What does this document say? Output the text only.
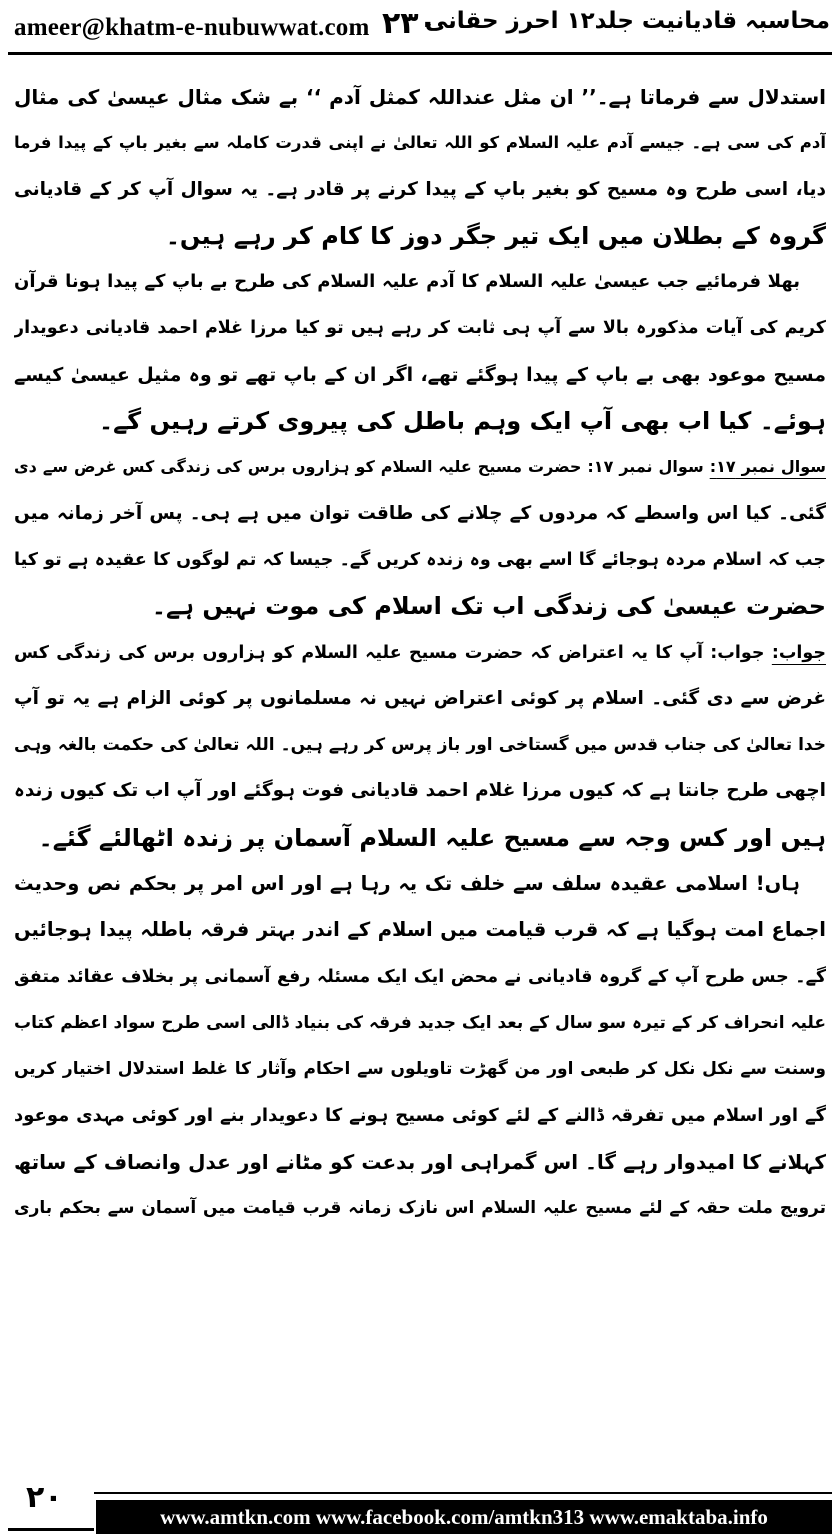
ameer@khatm-e-nubuwwat.com ۲۳۰
محاسبہ قادیانیت جلد۱۲ احرز حقانی
استدلال سے فرماتا ہے۔’’ ان مثل عنداللہ کمثل آدم ‘‘ بے شک مثال عیسیٰ کی مثال
آدم کی سی ہے۔ جیسے آدم علیہ السلام کو اللہ تعالیٰ نے اپنی قدرت کاملہ سے بغیر باپ کے پیدا فرما
دیا، اسی طرح وہ مسیح کو بغیر باپ کے پیدا کرنے پر قادر ہے۔ یہ سوال آپ کر کے قادیانی
گروہ کے بطلان میں ایک تیر جگر دوز کا کام کر رہے ہیں۔
بھلا فرمائیے جب عیسیٰ علیہ السلام کا آدم علیہ السلام کی طرح بے باپ کے پیدا ہونا قرآن
کریم کی آیات مذکورہ بالا سے آپ ہی ثابت کر رہے ہیں تو کیا مرزا غلام احمد قادیانی دعویدار
مسیح موعود بھی بے باپ کے پیدا ہوگئے تھے، اگر ان کے باپ تھے تو وہ مثیل عیسیٰ کیسے
ہوئے۔ کیا اب بھی آپ ایک وہم باطل کی پیروی کرتے رہیں گے۔
سوال نمبر ۱۷: سوال نمبر ۱۷: حضرت مسیح علیہ السلام کو ہزاروں برس کی زندگی کس غرض سے دی
گئی۔ کیا اس واسطے کہ مردوں کے چلانے کی طاقت توان میں ہے ہی۔ پس آخر زمانہ میں
جب کہ اسلام مردہ ہوجائے گا اسے بھی وہ زندہ کریں گے۔ جیسا کہ تم لوگوں کا عقیدہ ہے تو کیا
حضرت عیسیٰ کی زندگی اب تک اسلام کی موت نہیں ہے۔
جواب: جواب: آپ کا یہ اعتراض کہ حضرت مسیح علیہ السلام کو ہزاروں برس کی زندگی کس
غرض سے دی گئی۔ اسلام پر کوئی اعتراض نہیں نہ مسلمانوں پر کوئی الزام ہے یہ تو آپ
خدا تعالیٰ کی جناب قدس میں گستاخی اور باز پرس کر رہے ہیں۔ اللہ تعالیٰ کی حکمت بالغہ وہی
اچھی طرح جانتا ہے کہ کیوں مرزا غلام احمد قادیانی فوت ہوگئے اور آپ اب تک کیوں زندہ
ہیں اور کس وجہ سے مسیح علیہ السلام آسمان پر زندہ اٹھالئے گئے۔
ہاں! اسلامی عقیدہ سلف سے خلف تک یہ رہا ہے اور اس امر پر بحکم نص وحدیث
اجماع امت ہوگیا ہے کہ قرب قیامت میں اسلام کے اندر بہتر فرقہ باطلہ پیدا ہوجائیں
گے۔ جس طرح آپ کے گروہ قادیانی نے محض ایک ایک مسئلہ رفع آسمانی پر بخلاف عقائد متفق
علیہ انحراف کر کے تیرہ سو سال کے بعد ایک جدید فرقہ کی بنیاد ڈالی اسی طرح سواد اعظم کتاب
وسنت سے نکل نکل کر طبعی اور من گھڑت تاویلوں سے احکام وآثار کا غلط استدلال اختیار کریں
گے اور اسلام میں تفرقہ ڈالنے کے لئے کوئی مسیح ہونے کا دعویدار بنے اور کوئی مہدی موعود
کہلانے کا امیدوار رہے گا۔ اس گمراہی اور بدعت کو مٹانے اور عدل وانصاف کے ساتھ
ترویج ملت حقہ کے لئے مسیح علیہ السلام اس نازک زمانہ قرب قیامت میں آسمان سے بحکم باری
۲۰
www.amtkn.com www.facebook.com/amtkn313 www.emaktaba.info
